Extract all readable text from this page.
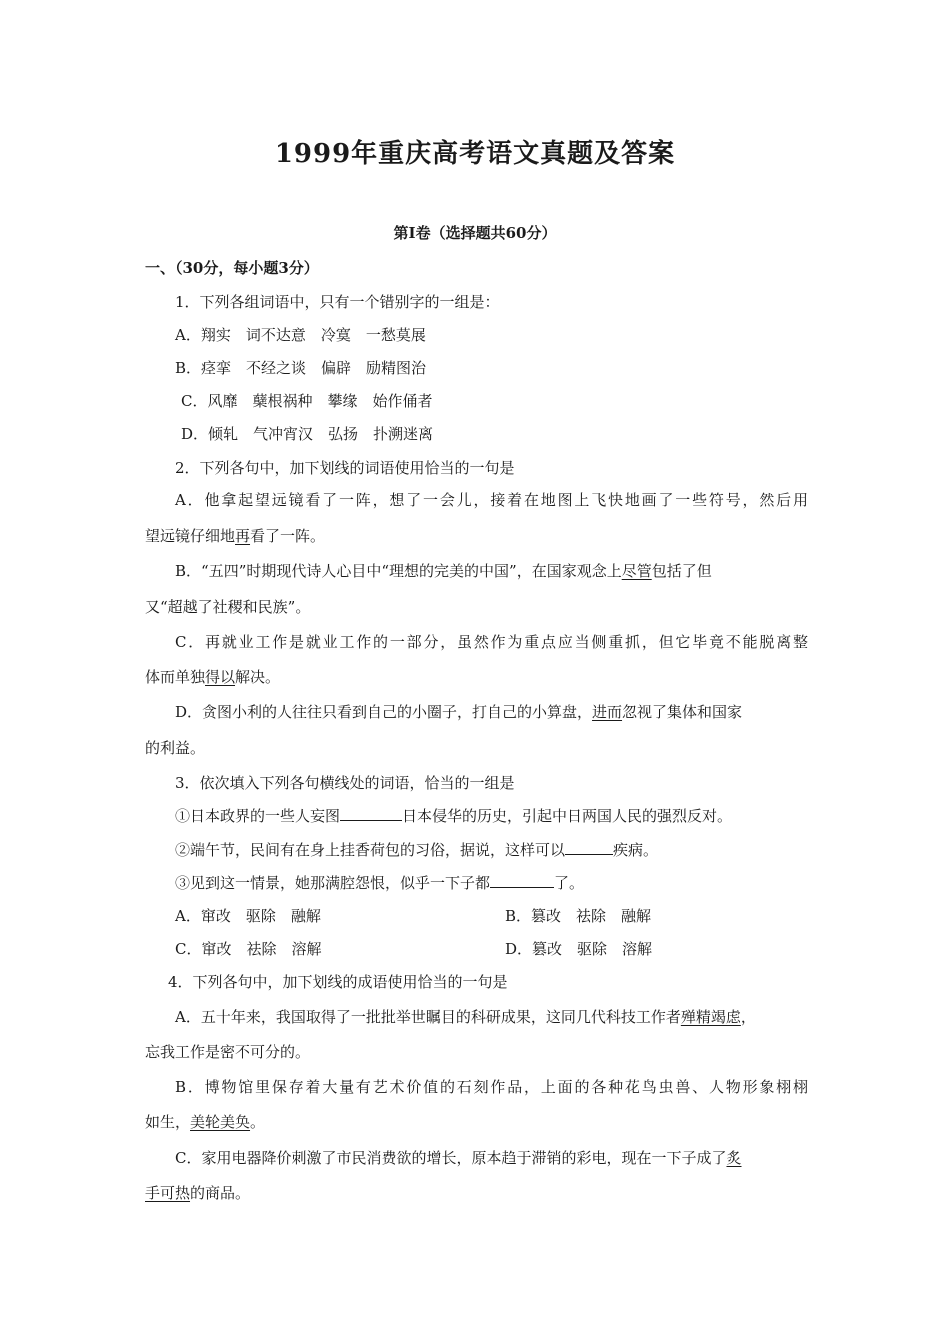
1999年重庆高考语文真题及答案
第Ⅰ卷（选择题共60分）
一、（30分，每小题3分）
1．下列各组词语中，只有一个错别字的一组是：
A．翔实　词不达意　冷寞　一愁莫展
B．痉挛　不经之谈　偏辟　励精图治
C．风靡　蘖根祸种　攀缘　始作俑者
D．倾轧　气冲宵汉　弘扬　扑溯迷离
2．下列各句中，加下划线的词语使用恰当的一句是
A．他拿起望远镜看了一阵，想了一会儿，接着在地图上飞快地画了一些符号，然后用
望远镜仔细地再看了一阵。
B．“五四”时期现代诗人心目中“理想的完美的中国”，在国家观念上尽管包括了但
又“超越了社稷和民族”。
C．再就业工作是就业工作的一部分，虽然作为重点应当侧重抓，但它毕竟不能脱离整
体而单独得以解决。
D．贪图小利的人往往只看到自己的小圈子，打自己的小算盘，进而忽视了集体和国家
的利益。
3．依次填入下列各句横线处的词语，恰当的一组是
①日本政界的一些人妄图	日本侵华的历史，引起中日两国人民的强烈反对。
②端午节，民间有在身上挂香荷包的习俗，据说，这样可以	疾病。
③见到这一情景，她那满腔怨恨，似乎一下子都	了。
A．窜改　驱除　融解	B．篡改　祛除　融解
C．窜改　祛除　溶解	D．篡改　驱除　溶解
4．下列各句中，加下划线的成语使用恰当的一句是
A．五十年来，我国取得了一批批举世瞩目的科研成果，这同几代科技工作者殚精竭虑，
忘我工作是密不可分的。
B．博物馆里保存着大量有艺术价值的石刻作品，上面的各种花鸟虫兽、人物形象栩栩
如生，美轮美奂。
C．家用电器降价刺激了市民消费欲的增长，原本趋于滞销的彩电，现在一下子成了炙
手可热的商品。
